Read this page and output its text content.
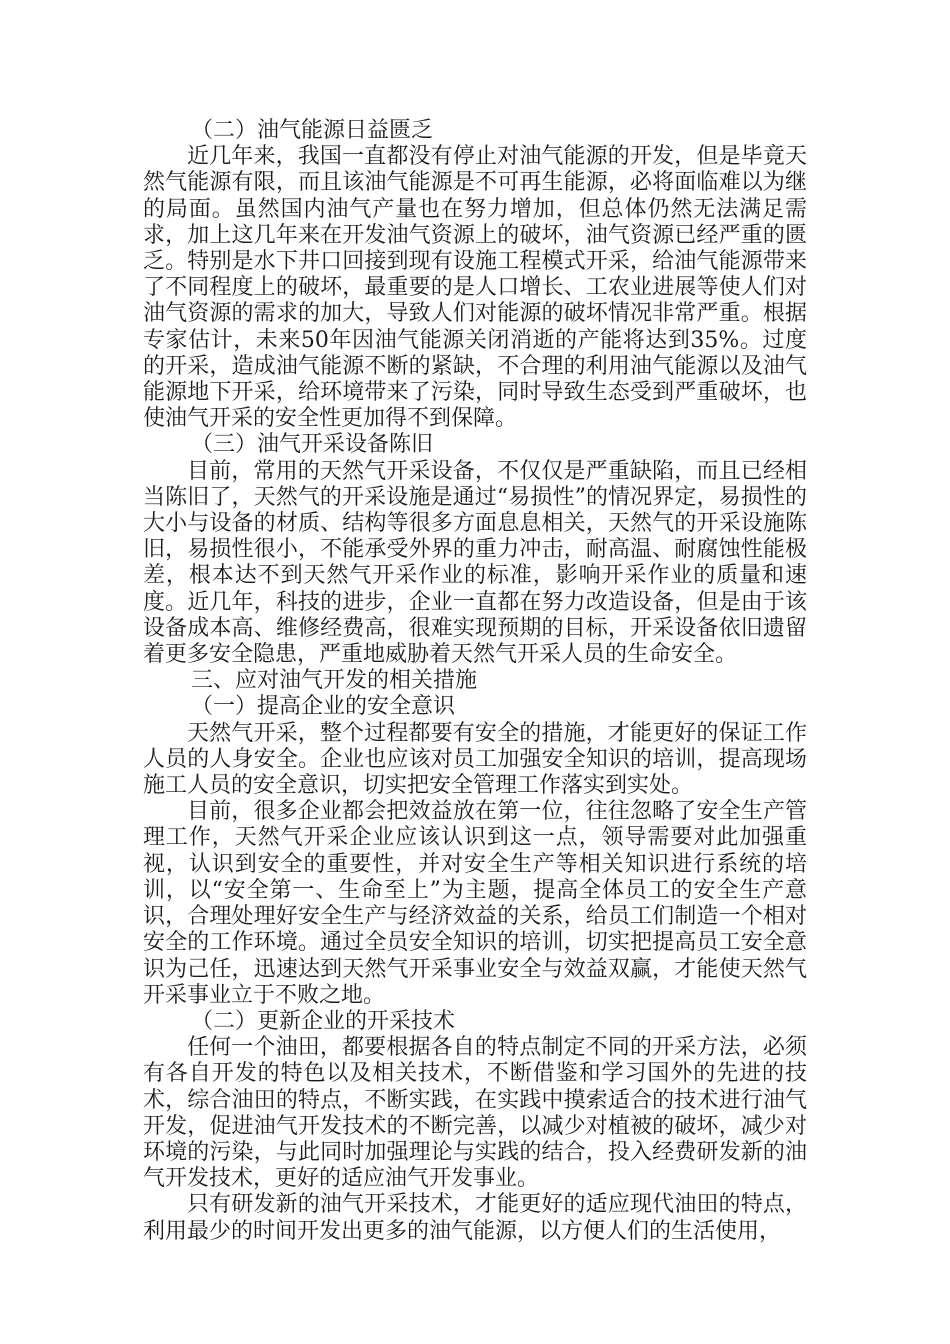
（二）油气能源日益匮乏

近几年来，我国一直都没有停止对油气能源的开发，但是毕竟天然气能源有限，而且该油气能源是不可再生能源，必将面临难以为继的局面。虽然国内油气产量也在努力增加，但总体仍然无法满足需求，加上这几年来在开发油气资源上的破坏，油气资源已经严重的匮乏。特别是水下井口回接到现有设施工程模式开采，给油气能源带来了不同程度上的破坏，最重要的是人口增长、工农业进展等使人们对油气资源的需求的加大，导致人们对能源的破坏情况非常严重。根据专家估计，未来50年因油气能源关闭消逝的产能将达到35%。过度的开采，造成油气能源不断的紧缺，不合理的利用油气能源以及油气能源地下开采，给环境带来了污染，同时导致生态受到严重破坏，也使油气开采的安全性更加得不到保障。

（三）油气开采设备陈旧

目前，常用的天然气开采设备，不仅仅是严重缺陷，而且已经相当陈旧了，天然气的开采设施是通过“易损性”的情况界定，易损性的大小与设备的材质、结构等很多方面息息相关，天然气的开采设施陈旧，易损性很小，不能承受外界的重力冲击，耐高温、耐腐蚀性能极差，根本达不到天然气开采作业的标准，影响开采作业的质量和速度。近几年，科技的进步，企业一直都在努力改造设备，但是由于该设备成本高、维修经费高，很难实现预期的目标，开采设备依旧遗留着更多安全隐患，严重地威胁着天然气开采人员的生命安全。

三、应对油气开发的相关措施

（一）提高企业的安全意识

天然气开采，整个过程都要有安全的措施，才能更好的保证工作人员的人身安全。企业也应该对员工加强安全知识的培训，提高现场施工人员的安全意识，切实把安全管理工作落实到实处。

目前，很多企业都会把效益放在第一位，往往忽略了安全生产管理工作，天然气开采企业应该认识到这一点，领导需要对此加强重视，认识到安全的重要性，并对安全生产等相关知识进行系统的培训，以“安全第一、生命至上”为主题，提高全体员工的安全生产意识，合理处理好安全生产与经济效益的关系，给员工们制造一个相对安全的工作环境。通过全员安全知识的培训，切实把提高员工安全意识为己任，迅速达到天然气开采事业安全与效益双赢，才能使天然气开采事业立于不败之地。

（二）更新企业的开采技术

任何一个油田，都要根据各自的特点制定不同的开采方法，必须有各自开发的特色以及相关技术，不断借鉴和学习国外的先进的技术，综合油田的特点，不断实践，在实践中摸索适合的技术进行油气开发，促进油气开发技术的不断完善，以减少对植被的破坏，减少对环境的污染，与此同时加强理论与实践的结合，投入经费研发新的油气开发技术，更好的适应油气开发事业。

只有研发新的油气开采技术，才能更好的适应现代油田的特点，利用最少的时间开发出更多的油气能源，以方便人们的生活使用，
